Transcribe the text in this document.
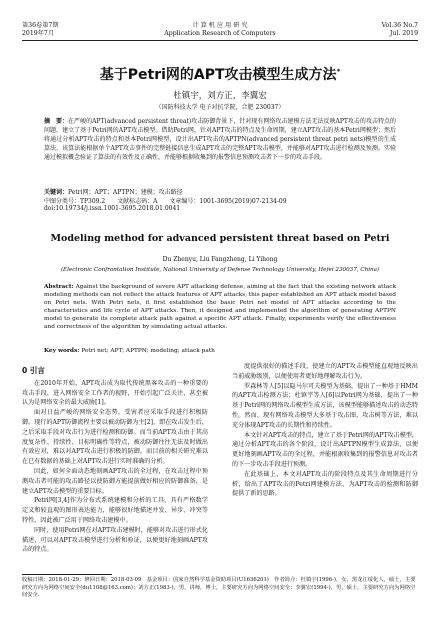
第36卷第7期
2019年7月
计 算 机 应 用 研 究
Application Research of Computers
Vol.36 No.7
Jul. 2019
基于Petri网的APT攻击模型生成方法*
杜镇宇，刘方正，李翼宏
（国防科技大学 电子对抗学院，合肥 230037）
摘　要：在严峻的APT(advanced persistent threat)攻击防御背景下，针对现有网络攻击建模方法无法反映APT攻击的攻击特点的问题，建立了基于Petri网的APT攻击模型。借助Petri网，针对APT攻击的特点及生命周期，建立APT攻击的基本Petri网模型；然后将通过分析APT攻击的特点和基本Petri网模型，设计出APT攻击的APTPN(advanced persistent threat petri nets)模型的生成算法，该算法能根据单个APT攻击事件的完整链接信息生成APT攻击的完整APT攻击模型，并能够对APT攻击进行检测及预测。实验通过模拟概念验证了算法的有效性及正确性，并能够根据收集到的报警信息预测攻击者下一步的攻击手段。
关键词：Petri网；APT；APTPN；建模；攻击路径
中图分类号：TP309.2 文献标志码：A 文章编号：1001-3695(2019)07-2134-09
doi:10.19734/j.issn.1001-3695.2018.01.0041
Modeling method for advanced persistent threat based on Petri
Du Zhenyu, Liu Fangzheng, Li Yihong
(Electronic Confrontation Institute, National University of Defense Technology University, Hefei 230037, China)
Abstract: Against the background of severe APT attacking defense, aiming at the fact that the existing network attack modeling methods can not reflect the attack features of APT attacks, this paper established an APT attack model based on Petri nets. With Petri nets, it first established the basic Petri net model of APT attacks according to the characteristics and life cycle of APT attacks. Then, it designed and implemented the algorithm of generating APTPN model to generate its complete attack path against a specific APT attack. Finally, experiments verify the effectiveness and correctness of the algorithm by simulating actual attacks.
Key words: Petri net; APT; APTPN; modeling; attack path
0 引言

在2010年开始，APT攻击成为取代传统黑客攻击的一种重要的攻击手段，进入网络安全工作者的视野，开始引起广泛关注，甚至被认为是网络安全的最大威胁[1]。

面对日益严峻的网络安全态势，受害者应采取手段进行积极防御。现行的APT防御流程主要以被动防御为主[2]，即在攻击发生后，之后采取手段对攻击行为进行检测和防御。而当前APT攻击由于其高度复杂性、持续性、目标明确性等特点，被动防御往往无法及时做出有效应对，难以对APT攻击进行积极的防御，而目前的相关研究难以在已有数据的基础上对APT攻击进行实时准确的分析。

因此，如何全面动态地刻画APT攻击的全过程，在攻击过程中预测攻击者可能的攻击路径以使防御方能提前做好相应的防御准备，是建立APT攻击模型的重要目标。

Petri网[3,4]作为分布式系统建模和分析的工具，具有严格数学定义和较直观的图形表达能力，能够很好地描述并发、异步、冲突等特性，因此被广泛用于网络攻击建模中。

同时，使用Petri网在对APT攻击建模时，能够对攻击进行形式化描述，可以对APT攻击模型进行分析和验证，以便更好地刻画APT攻击的特点。

度提供很好的描述手段，使建立的APT攻击模型能直观地反映出当前威胁级别，以便使用者更好地理解攻击行为。

罗森林等人[5]以隐马尔可夫模型为基础，提出了一种基于HMM的APT攻击检测方法；杜镇宇等人[6]以Petri网为基础，提出了一种基于Petri网的网络攻击模型生成方法，该模型能够描述攻击的动态特性。然而，现有网络攻击模型大多基于攻击图、攻击树等方法，难以充分体现APT攻击的长期性和持续性。

本文针对APT攻击的特点，建立了基于Petri网的APT攻击模型，通过分析APT攻击的各个阶段，设计出APTPN模型生成算法，以便更好地刻画APT攻击的全过程，并能根据收集到的报警信息对攻击者的下一步攻击手段进行预测。

在此基础上，本文对APT攻击的阶段特点及其生命周期进行分析，给出了APT攻击的Petri网建模方法，为APT攻击的检测和防御提供了新的思路。

收稿日期：2018-01-29；修回日期：2018-03-09　基金项目：国家自然科学基金资助项目(U1636201)　作者简介：杜镇宇(1996-)，女，黑龙江绥化人，硕士，主要研究方向为网络空间安全(du1108@163.com)；刘方正(1983-)，男，讲师，博士，主要研究方向为网络空间安全；李翼宏(1994-)，男，硕士，主要研究方向为网络空间安全.
